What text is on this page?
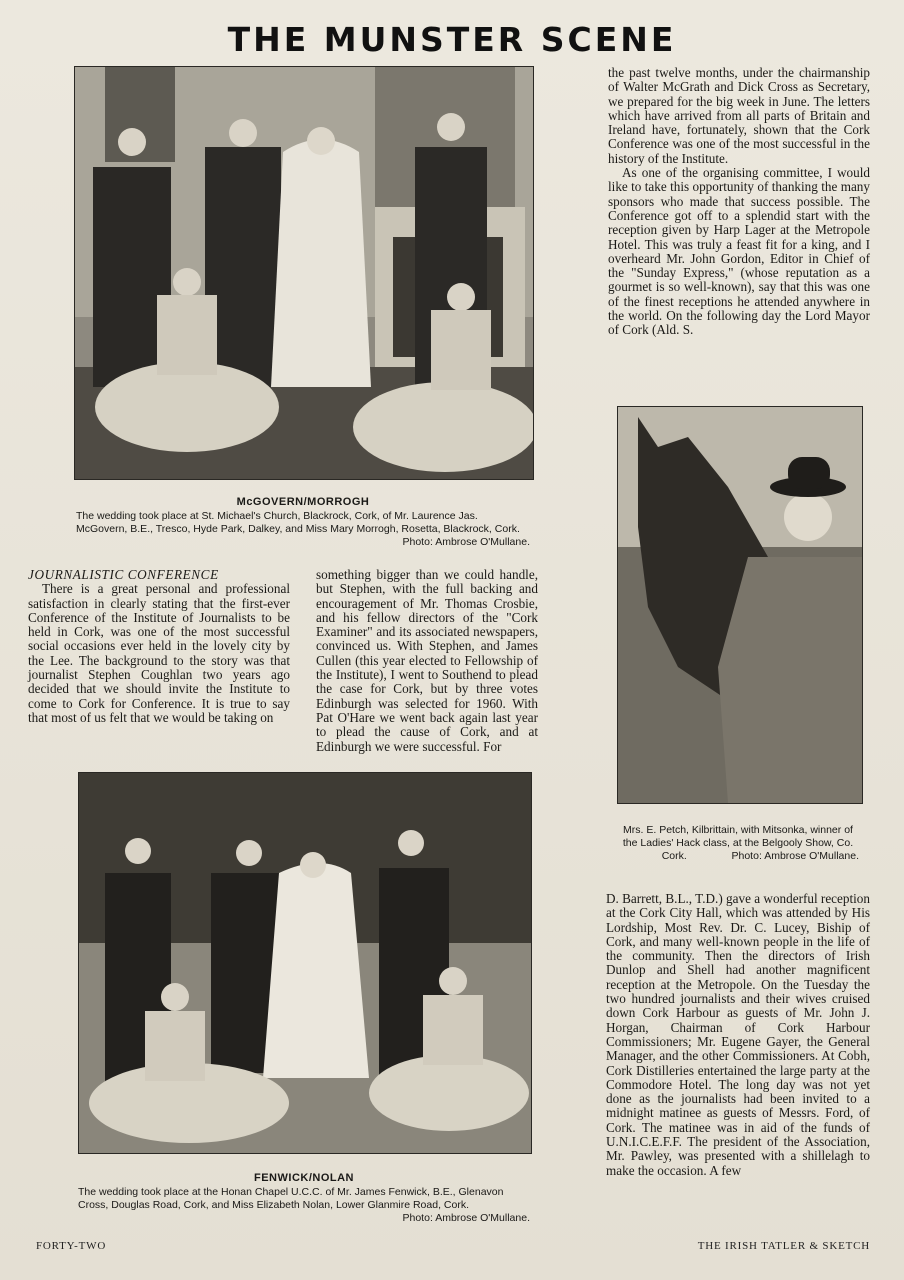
THE MUNSTER SCENE
McGOVERN/MORROGH
The wedding took place at St. Michael's Church, Blackrock, Cork, of Mr. Laurence Jas. McGovern, B.E., Tresco, Hyde Park, Dalkey, and Miss Mary Morrogh, Rosetta, Blackrock, Cork.
Photo: Ambrose O'Mullane.
Mrs. E. Petch, Kilbrittain, with Mitsonka, winner of the Ladies' Hack class, at the Belgooly Show, Co. Cork.	Photo: Ambrose O'Mullane.
FENWICK/NOLAN
The wedding took place at the Honan Chapel U.C.C. of Mr. James Fenwick, B.E., Glenavon Cross, Douglas Road, Cork, and Miss Elizabeth Nolan, Lower Glanmire Road, Cork.
Photo: Ambrose O'Mullane.
JOURNALISTIC CONFERENCE

There is a great personal and professional satisfaction in clearly stating that the first-ever Conference of the Institute of Journalists to be held in Cork, was one of the most successful social occasions ever held in the lovely city by the Lee. The background to the story was that journalist Stephen Coughlan two years ago decided that we should invite the Institute to come to Cork for Conference. It is true to say that most of us felt that we would be taking on

something bigger than we could handle, but Stephen, with the full backing and encouragement of Mr. Thomas Crosbie, and his fellow directors of the "Cork Examiner" and its associated newspapers, convinced us. With Stephen, and James Cullen (this year elected to Fellowship of the Institute), I went to Southend to plead the case for Cork, but by three votes Edinburgh was selected for 1960. With Pat O'Hare we went back again last year to plead the cause of Cork, and at Edinburgh we were successful. For

the past twelve months, under the chairmanship of Walter McGrath and Dick Cross as Secretary, we prepared for the big week in June. The letters which have arrived from all parts of Britain and Ireland have, fortunately, shown that the Cork Conference was one of the most successful in the history of the Institute.

As one of the organising committee, I would like to take this opportunity of thanking the many sponsors who made that success possible. The Conference got off to a splendid start with the reception given by Harp Lager at the Metropole Hotel. This was truly a feast fit for a king, and I overheard Mr. John Gordon, Editor in Chief of the "Sunday Express," (whose reputation as a gourmet is so well-known), say that this was one of the finest receptions he attended anywhere in the world. On the following day the Lord Mayor of Cork (Ald. S.

D. Barrett, B.L., T.D.) gave a wonderful reception at the Cork City Hall, which was attended by His Lordship, Most Rev. Dr. C. Lucey, Biship of Cork, and many well-known people in the life of the community. Then the directors of Irish Dunlop and Shell had another magnificent reception at the Metropole. On the Tuesday the two hundred journalists and their wives cruised down Cork Harbour as guests of Mr. John J. Horgan, Chairman of Cork Harbour Commissioners; Mr. Eugene Gayer, the General Manager, and the other Commissioners. At Cobh, Cork Distilleries entertained the large party at the Commodore Hotel. The long day was not yet done as the journalists had been invited to a midnight matinee as guests of Messrs. Ford, of Cork. The matinee was in aid of the funds of U.N.I.C.E.F.F. The president of the Association, Mr. Pawley, was presented with a shillelagh to make the occasion. A few

FORTY-TWO	THE IRISH TATLER & SKETCH
